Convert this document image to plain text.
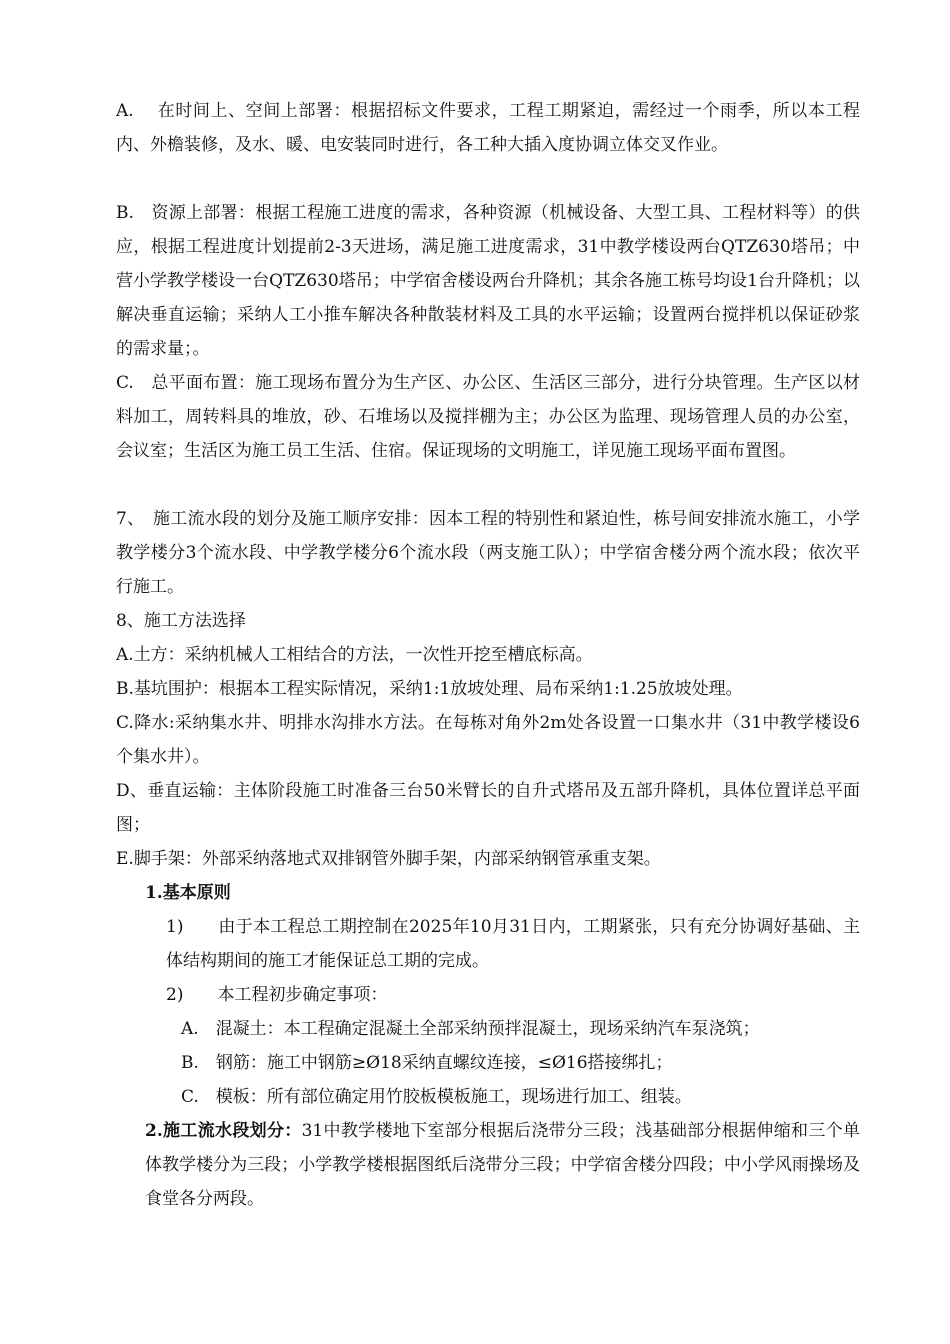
A.　 在时间上、空间上部署：根据招标文件要求，工程工期紧迫，需经过一个雨季，所以本工程内、外檐装修，及水、暖、电安装同时进行，各工种大插入度协调立体交叉作业。

B.　资源上部署：根据工程施工进度的需求，各种资源（机械设备、大型工具、工程材料等）的供应，根据工程进度计划提前2-3天进场，满足施工进度需求，31中教学楼设两台QTZ630塔吊；中营小学教学楼设一台QTZ630塔吊；中学宿舍楼设两台升降机；其余各施工栋号均设1台升降机；以解决垂直运输；采纳人工小推车解决各种散装材料及工具的水平运输；设置两台搅拌机以保证砂浆的需求量；。

C.　总平面布置：施工现场布置分为生产区、办公区、生活区三部分，进行分块管理。生产区以材料加工，周转料具的堆放，砂、石堆场以及搅拌棚为主；办公区为监理、现场管理人员的办公室，会议室；生活区为施工员工生活、住宿。保证现场的文明施工，详见施工现场平面布置图。

7、　施工流水段的划分及施工顺序安排：因本工程的特别性和紧迫性，栋号间安排流水施工，小学教学楼分3个流水段、中学教学楼分6个流水段（两支施工队）；中学宿舍楼分两个流水段；依次平行施工。

8、施工方法选择

A.土方：采纳机械人工相结合的方法，一次性开挖至槽底标高。

B.基坑围护：根据本工程实际情况，采纳1:1放坡处理、局布采纳1:1.25放坡处理。

C.降水:采纳集水井、明排水沟排水方法。在每栋对角外2m处各设置一口集水井（31中教学楼设6个集水井）。

D、垂直运输：主体阶段施工时准备三台50米臂长的自升式塔吊及五部升降机，具体位置详总平面图；

E.脚手架：外部采纳落地式双排钢管外脚手架，内部采纳钢管承重支架。

1.基本原则

1)　　由于本工程总工期控制在2025年10月31日内，工期紧张，只有充分协调好基础、主体结构期间的施工才能保证总工期的完成。

2)　　本工程初步确定事项：

A.　混凝土：本工程确定混凝土全部采纳预拌混凝土，现场采纳汽车泵浇筑；

B.　钢筋：施工中钢筋≥Ø18采纳直螺纹连接，≤Ø16搭接绑扎；

C.　模板：所有部位确定用竹胶板模板施工，现场进行加工、组装。

2.施工流水段划分：31中教学楼地下室部分根据后浇带分三段；浅基础部分根据伸缩和三个单体教学楼分为三段；小学教学楼根据图纸后浇带分三段；中学宿舍楼分四段；中小学风雨操场及食堂各分两段。
